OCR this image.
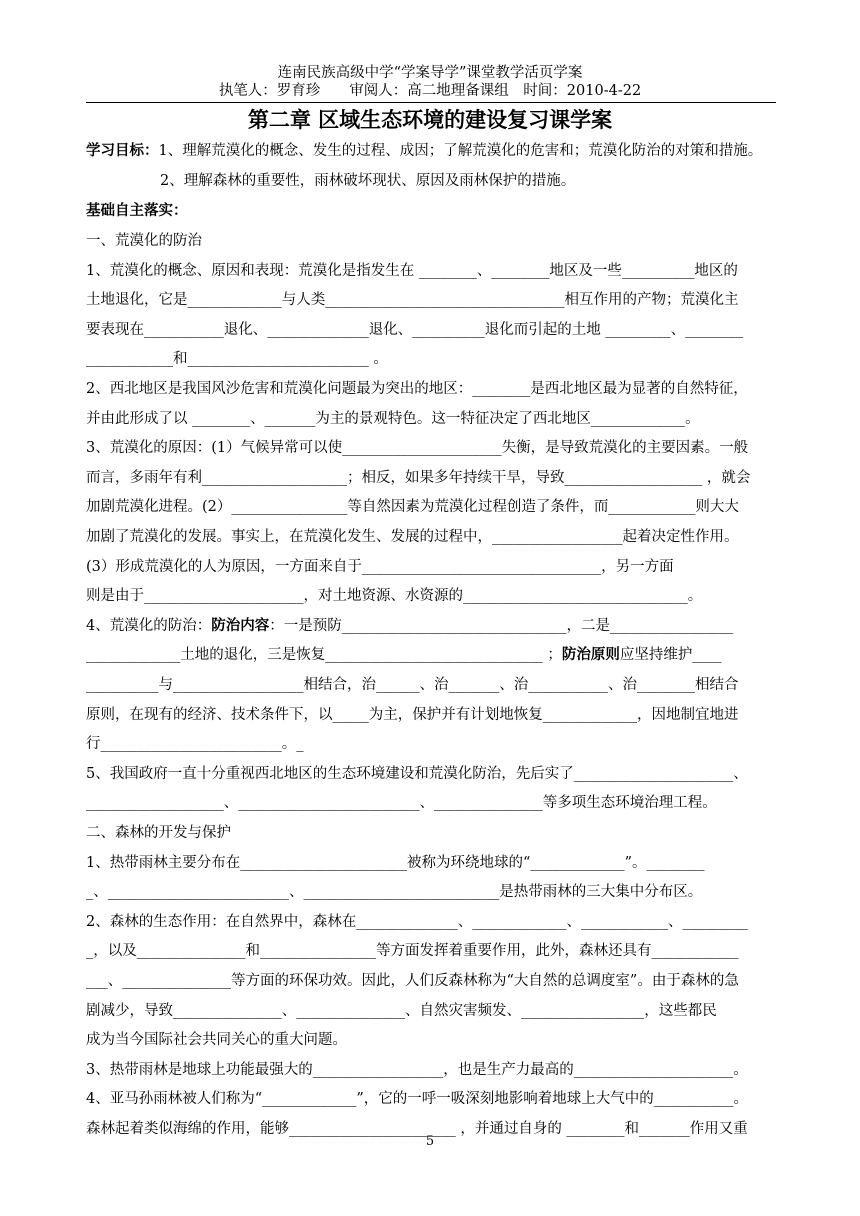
连南民族高级中学“学案导学”课堂教学活页学案
执笔人：罗育珍　　审阅人：高二地理备课组　时间：2010-4-22
第二章 区域生态环境的建设复习课学案
学习目标：1、理解荒漠化的概念、发生的过程、成因；了解荒漠化的危害和；荒漠化防治的对策和措施。
2、理解森林的重要性，雨林破坏现状、原因及雨林保护的措施。
基础自主落实：
一、荒漠化的防治
1、荒漠化的概念、原因和表现：荒漠化是指发生在 ________、________地区及一些__________地区的
土地退化，它是_____________与人类_________________________________相互作用的产物；荒漠化主
要表现在___________退化、______________退化、__________退化而引起的土地 _________、________
____________和_________________________ 。
2、西北地区是我国风沙危害和荒漠化问题最为突出的地区：________是西北地区最为显著的自然特征，
并由此形成了以 ________、_______为主的景观特色。这一特征决定了西北地区_____________。
3、荒漠化的原因：(1）气候异常可以使______________________失衡，是导致荒漠化的主要因素。一般
而言，多雨年有利____________________；相反，如果多年持续干旱，导致___________________ ，就会
加剧荒漠化进程。(2）________________等自然因素为荒漠化过程创造了条件，而____________则大大
加剧了荒漠化的发展。事实上，在荒漠化发生、发展的过程中，__________________起着决定性作用。
(3）形成荒漠化的人为原因，一方面来自于_________________________________，另一方面
则是由于______________________，对土地资源、水资源的_______________________________。
4、荒漠化的防治：防治内容：一是预防_______________________________，二是_________________
_____________土地的退化，三是恢复______________________________ ；防治原则应坚持维护____
__________与__________________相结合，治______、治_______、治___________、治________相结合
原则，在现有的经济、技术条件下，以_____为主，保护并有计划地恢复_____________，因地制宜地进
行_________________________。_
5、我国政府一直十分重视西北地区的生态环境建设和荒漠化防治，先后实了______________________、
___________________、_________________________、_______________等多项生态环境治理工程。
二、森林的开发与保护
1、热带雨林主要分布在_______________________被称为环绕地球的“_____________”。________
_、_________________________、___________________________是热带雨林的三大集中分布区。
2、森林的生态作用：在自然界中，森林在______________、_____________、____________、_________
_，以及_______________和________________等方面发挥着重要作用，此外，森林还具有____________
___、_______________等方面的环保功效。因此，人们反森林称为“大自然的总调度室”。由于森林的急
剧减少，导致_______________、_______________、自然灾害频发、_________________，这些都民
成为当今国际社会共同关心的重大问题。
3、热带雨林是地球上功能最强大的__________________，也是生产力最高的______________________。
4、亚马孙雨林被人们称为“_____________”，它的一呼一吸深刻地影响着地球上大气中的___________。
森林起着类似海绵的作用，能够_______________________ ，并通过自身的 ________和_______作用又重
5
